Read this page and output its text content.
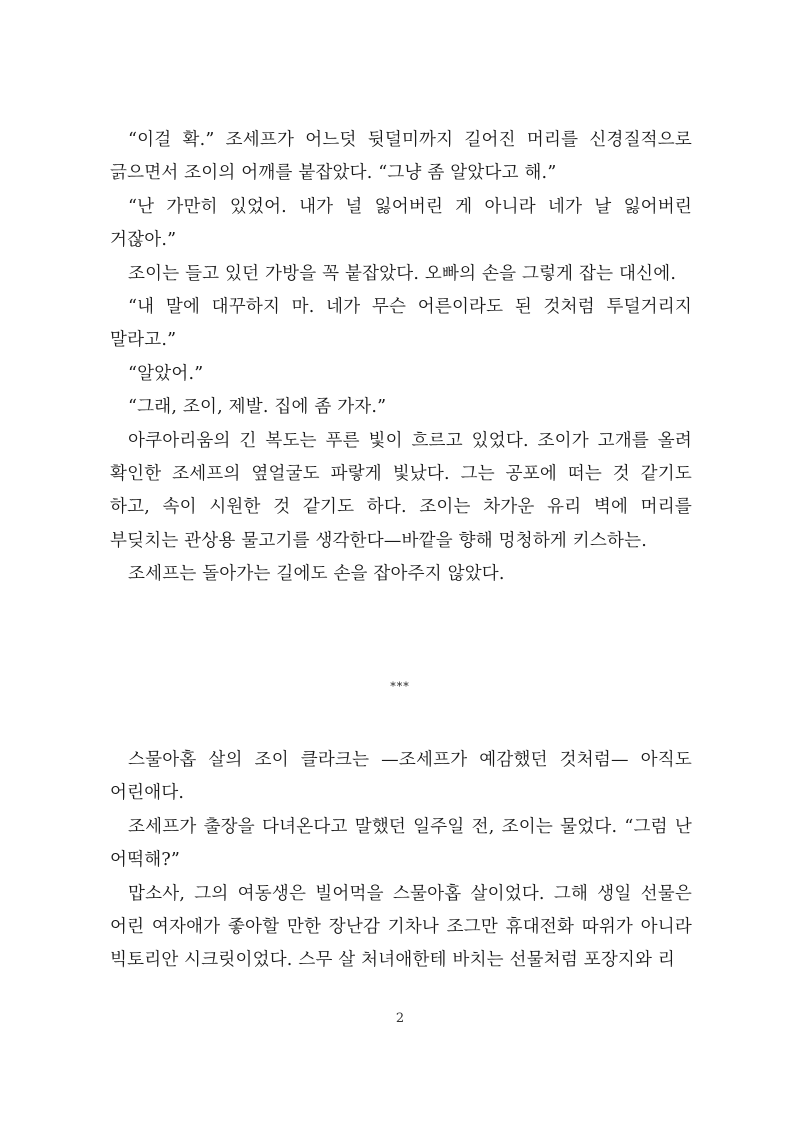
“이걸 확.” 조세프가 어느덧 뒷덜미까지 길어진 머리를 신경질적으로 긁으면서 조이의 어깨를 붙잡았다. “그냥 좀 알았다고 해.”

“난 가만히 있었어. 내가 널 잃어버린 게 아니라 네가 날 잃어버린 거잖아.”

조이는 들고 있던 가방을 꼭 붙잡았다. 오빠의 손을 그렇게 잡는 대신에.

“내 말에 대꾸하지 마. 네가 무슨 어른이라도 된 것처럼 투덜거리지 말라고.”

“알았어.”

“그래, 조이, 제발. 집에 좀 가자.”

아쿠아리움의 긴 복도는 푸른 빛이 흐르고 있었다. 조이가 고개를 올려 확인한 조세프의 옆얼굴도 파랗게 빛났다. 그는 공포에 떠는 것 같기도 하고, 속이 시원한 것 같기도 하다. 조이는 차가운 유리 벽에 머리를 부딪치는 관상용 물고기를 생각한다—바깥을 향해 멍청하게 키스하는.

조세프는 돌아가는 길에도 손을 잡아주지 않았다.

***

스물아홉 살의 조이 클라크는 —조세프가 예감했던 것처럼— 아직도 어린애다.

조세프가 출장을 다녀온다고 말했던 일주일 전, 조이는 물었다. “그럼 난 어떡해?”

맙소사, 그의 여동생은 빌어먹을 스물아홉 살이었다. 그해 생일 선물은 어린 여자애가 좋아할 만한 장난감 기차나 조그만 휴대전화 따위가 아니라 빅토리안 시크릿이었다. 스무 살 처녀애한테 바치는 선물처럼 포장지와 리

2
